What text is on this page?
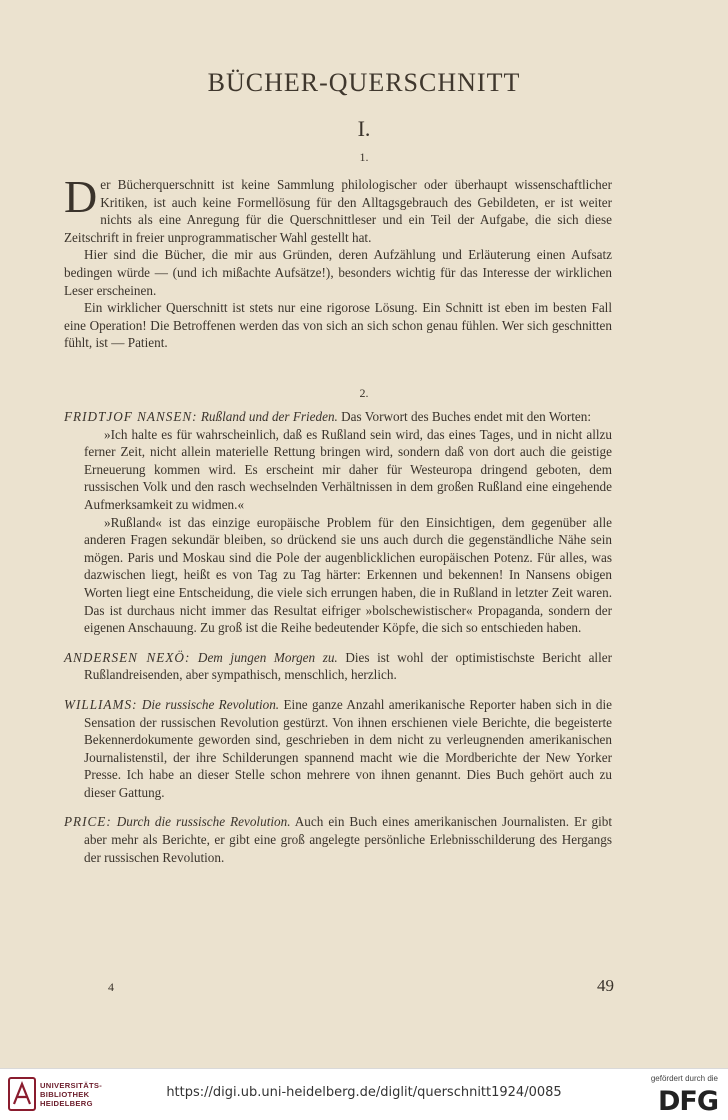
BÜCHER-QUERSCHNITT
I.
1.

Der Bücherquerschnitt ist keine Sammlung philologischer oder überhaupt wissenschaftlicher Kritiken, ist auch keine Formellösung für den Alltagsgebrauch des Gebildeten, er ist weiter nichts als eine Anregung für die Querschnittleser und ein Teil der Aufgabe, die sich diese Zeitschrift in freier unprogrammatischer Wahl gestellt hat.

Hier sind die Bücher, die mir aus Gründen, deren Aufzählung und Erläuterung einen Aufsatz bedingen würde — (und ich mißachte Aufsätze!), besonders wichtig für das Interesse der wirklichen Leser erscheinen.

Ein wirklicher Querschnitt ist stets nur eine rigorose Lösung. Ein Schnitt ist eben im besten Fall eine Operation! Die Betroffenen werden das von sich an sich schon genau fühlen. Wer sich geschnitten fühlt, ist — Patient.

2.

FRIDTJOF NANSEN: Rußland und der Frieden. Das Vorwort des Buches endet mit den Worten:

»Ich halte es für wahrscheinlich, daß es Rußland sein wird, das eines Tages, und in nicht allzu ferner Zeit, nicht allein materielle Rettung bringen wird, sondern daß von dort auch die geistige Erneuerung kommen wird. Es erscheint mir daher für Westeuropa dringend geboten, dem russischen Volk und den rasch wechselnden Verhältnissen in dem großen Rußland eine eingehende Aufmerksamkeit zu widmen.«

»Rußland« ist das einzige europäische Problem für den Einsichtigen, dem gegenüber alle anderen Fragen sekundär bleiben, so drückend sie uns auch durch die gegenständliche Nähe sein mögen. Paris und Moskau sind die Pole der augenblicklichen europäischen Potenz. Für alles, was dazwischen liegt, heißt es von Tag zu Tag härter: Erkennen und bekennen! In Nansens obigen Worten liegt eine Entscheidung, die viele sich errungen haben, die in Rußland in letzter Zeit waren. Das ist durchaus nicht immer das Resultat eifriger »bolschewistischer« Propaganda, sondern der eigenen Anschauung. Zu groß ist die Reihe bedeutender Köpfe, die sich so entschieden haben.

ANDERSEN NEXÖ: Dem jungen Morgen zu. Dies ist wohl der optimistischste Bericht aller Rußlandreisenden, aber sympathisch, menschlich, herzlich.

WILLIAMS: Die russische Revolution. Eine ganze Anzahl amerikanische Reporter haben sich in die Sensation der russischen Revolution gestürzt. Von ihnen erschienen viele Berichte, die begeisterte Bekennerdokumente geworden sind, geschrieben in dem nicht zu verleugnenden amerikanischen Journalistenstil, der ihre Schilderungen spannend macht wie die Mordberichte der New Yorker Presse. Ich habe an dieser Stelle schon mehrere von ihnen genannt. Dies Buch gehört auch zu dieser Gattung.

PRICE: Durch die russische Revolution. Auch ein Buch eines amerikanischen Journalisten. Er gibt aber mehr als Berichte, er gibt eine groß angelegte persönliche Erlebnisschilderung des Hergangs der russischen Revolution.

4	49
UNIVERSITÄTS-
BIBLIOTHEK
HEIDELBERG
https://digi.ub.uni-heidelberg.de/diglit/querschnitt1924/0085
gefördert durch die
DFG
